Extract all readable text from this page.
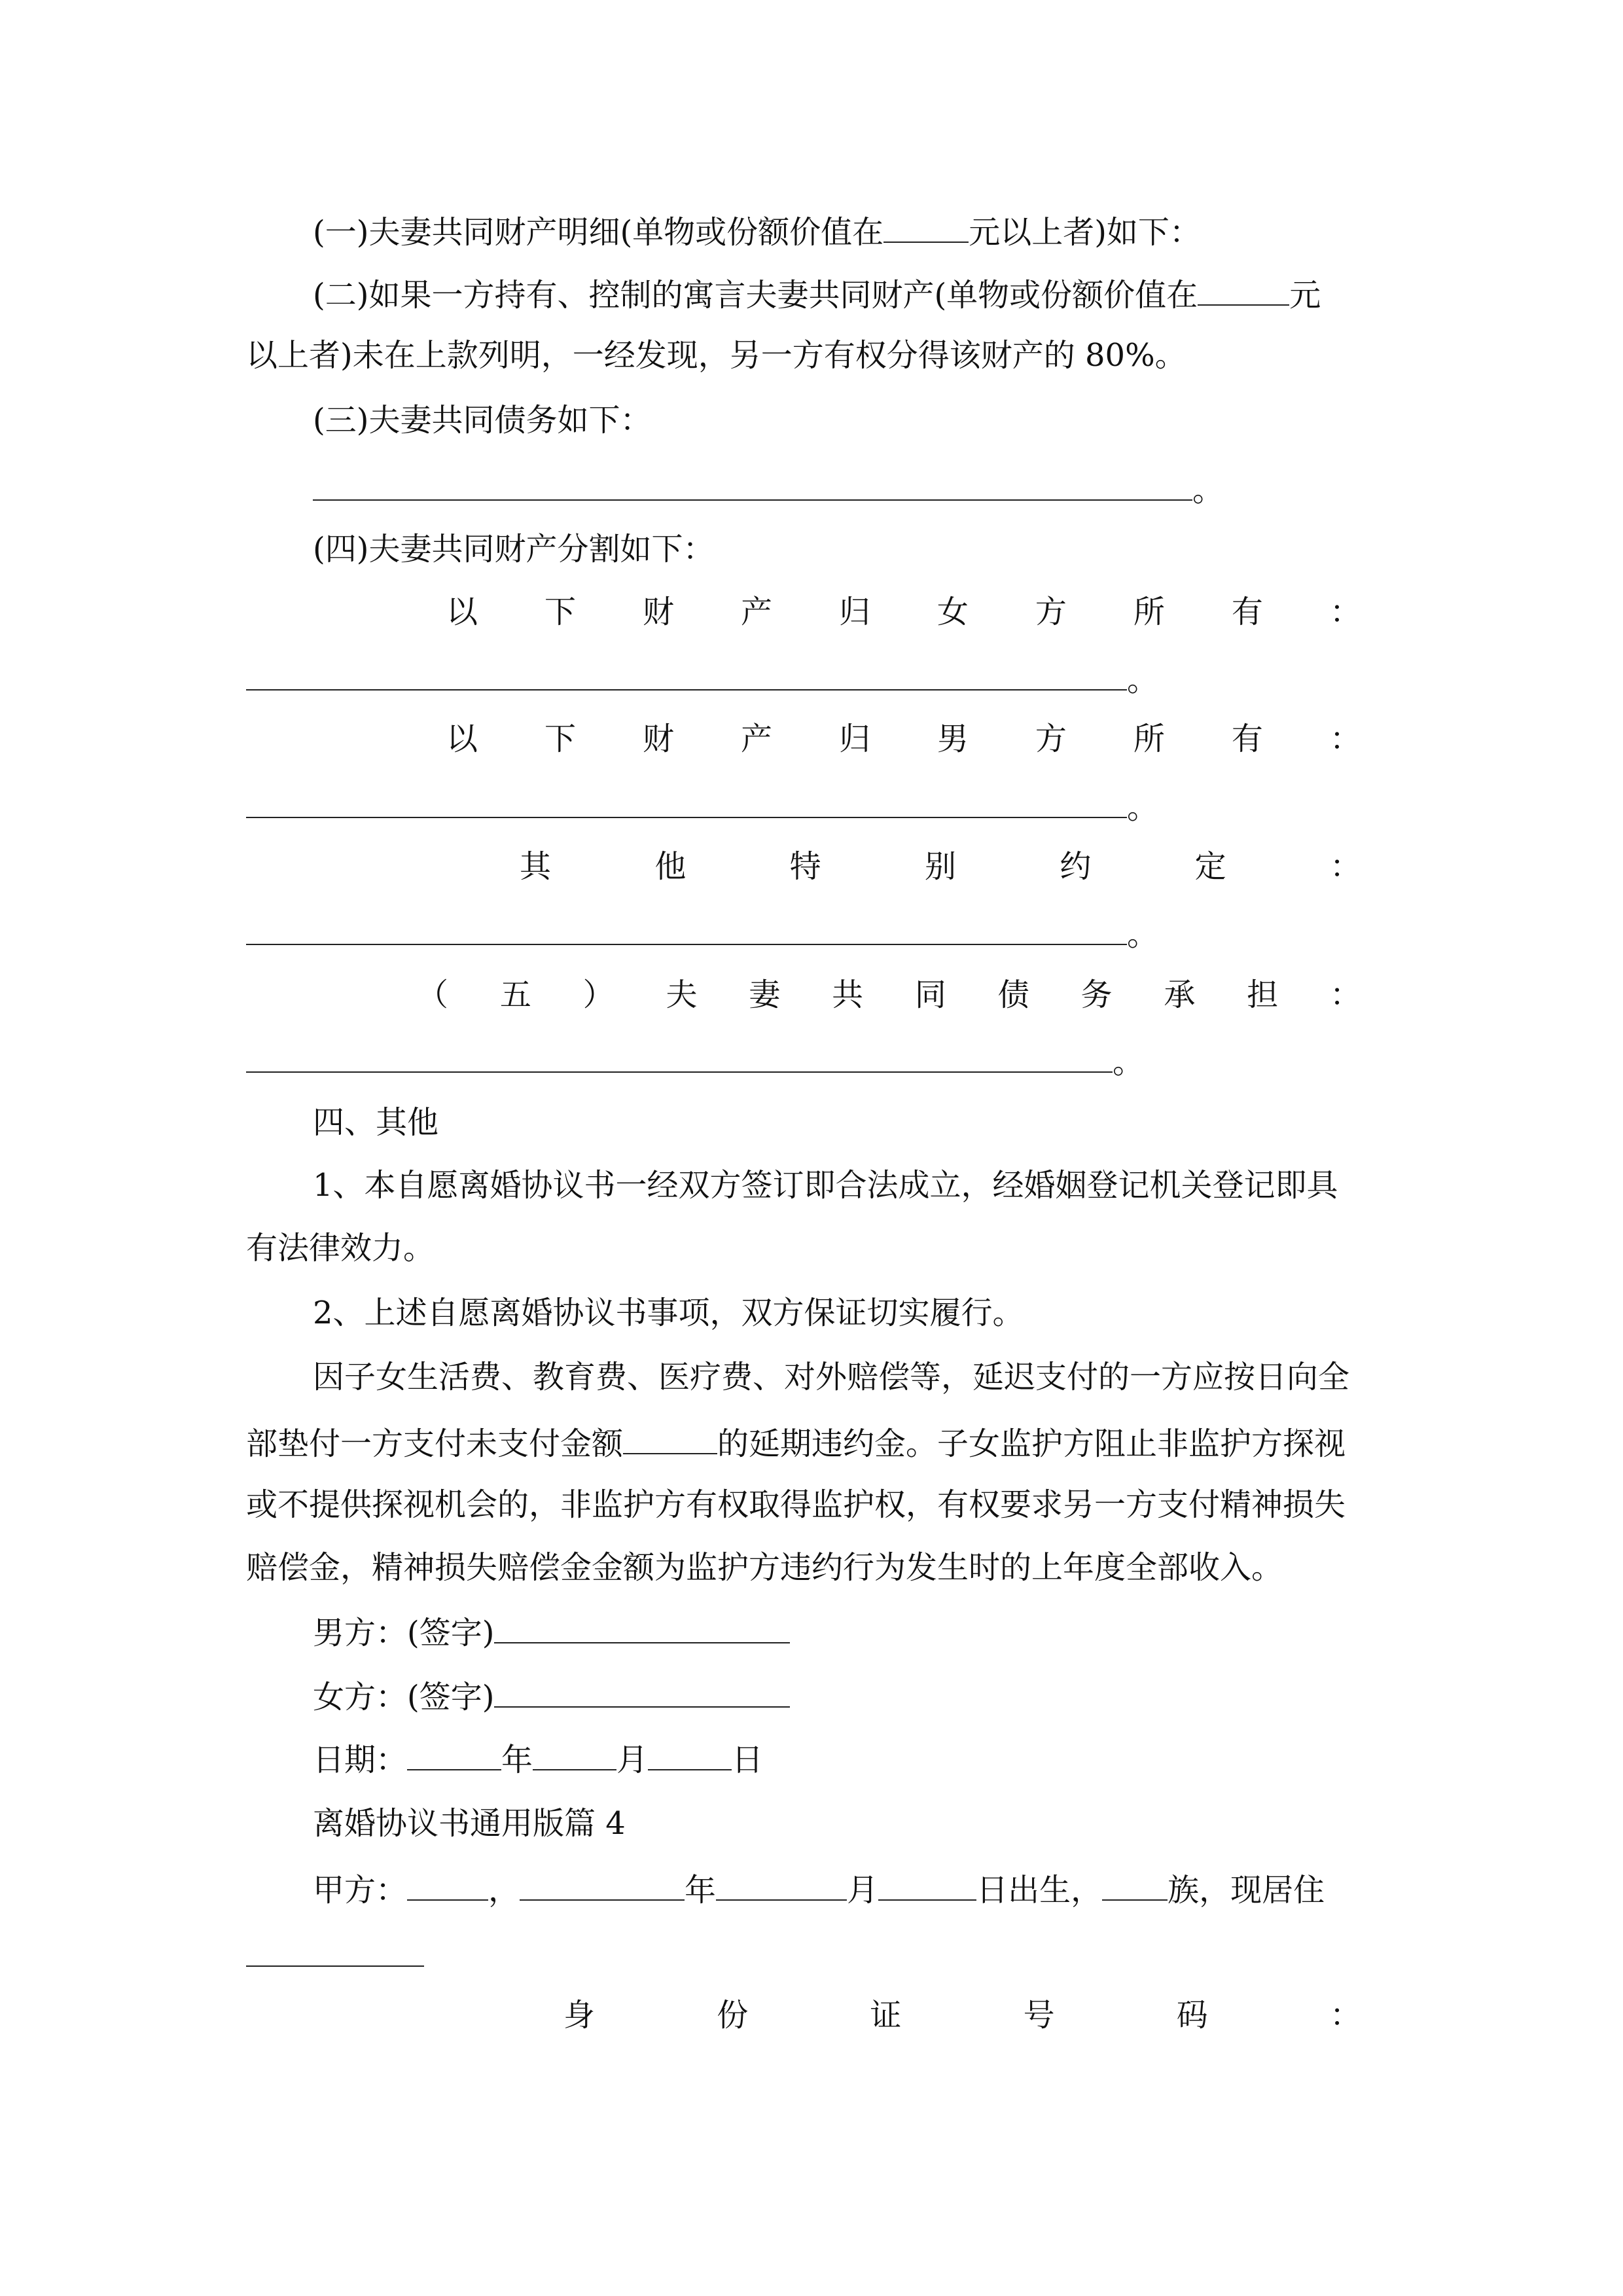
(一)夫妻共同财产明细(单物或份额价值在	元以上者)如下：
(二)如果一方持有、控制的寓言夫妻共同财产(单物或份额价值在	元
以上者)未在上款列明，一经发现，另一方有权分得该财产的 80%。
(三)夫妻共同债务如下：
。
(四)夫妻共同财产分割如下：
以 下 财 产 归 女 方 所 有 ：
。
以 下 财 产 归 男 方 所 有 ：
。
其	他	特	别	约	定	：
。
（ 五 ） 夫 妻 共 同 债 务 承 担 ：
。
四、其他
1、本自愿离婚协议书一经双方签订即合法成立，经婚姻登记机关登记即具
有法律效力。
2、上述自愿离婚协议书事项，双方保证切实履行。
因子女生活费、教育费、医疗费、对外赔偿等，延迟支付的一方应按日向全
部垫付一方支付未支付金额	的延期违约金。子女监护方阻止非监护方探视
或不提供探视机会的，非监护方有权取得监护权，有权要求另一方支付精神损失
赔偿金，精神损失赔偿金金额为监护方违约行为发生时的上年度全部收入。
男方：(签字)
女方：(签字)
日期：	年	月	日
离婚协议书通用版篇 4
甲方：	，	年	月	日出生， 族，现居住
身	份	证	号	码	：
